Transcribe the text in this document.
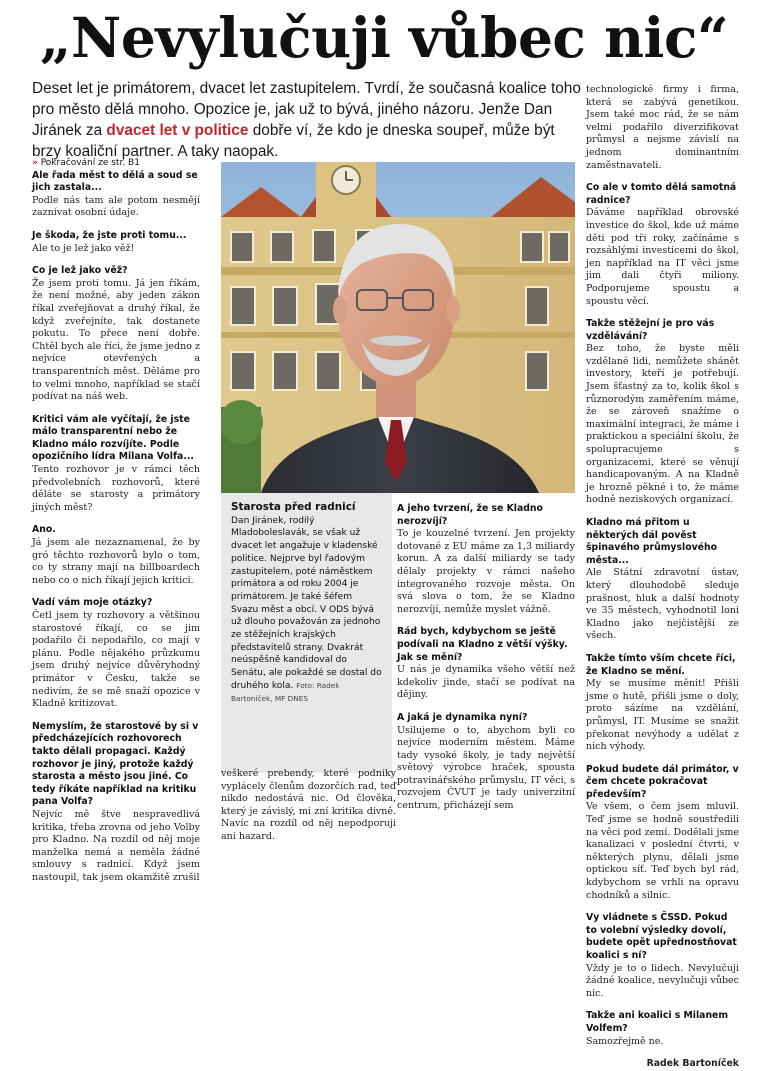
„Nevylučuji vůbec nic“
Deset let je primátorem, dvacet let zastupitelem. Tvrdí, že současná koalice toho pro město dělá mnoho. Opozice je, jak už to bývá, jiného názoru. Jenže Dan Jiránek za dvacet let v politice dobře ví, že kdo je dneska soupeř, může být brzy koaliční partner. A taky naopak.
» Pokračování ze str. B1

Ale řada měst to dělá a soud se jich zastala...

Podle nás tam ale potom nesmějí zaznívat osobní údaje.

Je škoda, že jste proti tomu...

Ale to je lež jako věž!

Co je lež jako věž?

Že jsem proti tomu. Já jen říkám, že není možné, aby jeden zákon říkal zveřejňovat a druhý říkal, že když zveřejníte, tak dostanete pokutu. To přece není dobře. Chtěl bych ale říci, že jsme jedno z nejvíce otevřených a transparentních měst. Děláme pro to velmi mnoho, například se stačí podívat na náš web.

Kritici vám ale vyčítají, že jste málo transparentní nebo že Kladno málo rozvíjíte. Podle opozičního lídra Milana Volfa...

Tento rozhovor je v rámci těch předvolebních rozhovorů, které děláte se starosty a primátory jiných měst?

Ano.

Já jsem ale nezaznamenal, že by gró těchto rozhovorů bylo o tom, co ty strany mají na billboardech nebo co o nich říkají jejich kritici.

Vadí vám moje otázky?

Četl jsem ty rozhovory a většinou starostové říkají, co se jim podařilo či nepodařilo, co mají v plánu. Podle nějakého průzkumu jsem druhý nejvíce důvěryhodný primátor v Česku, takže se nedivím, že se mě snaží opozice v Kladně kritizovat.

Nemyslím, že starostové by si v předcházejících rozhovorech takto dělali propagaci. Každý rozhovor je jiný, protože každý starosta a město jsou jiné. Co tedy říkáte například na kritiku pana Volfa?

Nejvíc mě štve nespravedlivá kritika, třeba zrovna od jeho Volby pro Kladno. Na rozdíl od něj moje manželka nemá a neměla žádné smlouvy s radnicí. Když jsem nastoupil, tak jsem okamžitě zrušil

Starosta před radnicí
Dan Jiránek, rodilý Mladoboleslavák, se však už dvacet let angažuje v kladenské politice. Nejprve byl řadovým zastupitelem, poté náměstkem primátora a od roku 2004 je primátorem. Je také šéfem Svazu měst a obcí. V ODS bývá už dlouho považován za jednoho ze stěžejních krajských představitelů strany. Dvakrát neúspěšně kandidoval do Senátu, ale pokaždé se dostal do druhého kola. Foto: Radek Bartoníček, MF DNES

A jeho tvrzení, že se Kladno nerozvíjí?

To je kouzelné tvrzení. Jen projekty dotované z EU máme za 1,3 miliardy korun. A za další miliardy se tady dělaly projekty v rámci našeho integrovaného rozvoje města. On svá slova o tom, že se Kladno nerozvíjí, nemůže myslet vážně.

Rád bych, kdybychom se ještě podívali na Kladno z větší výšky. Jak se mění?

U nás je dynamika všeho větší než kdekoliv jinde, stačí se podívat na dějiny.

A jaká je dynamika nyní?

Usilujeme o to, abychom byli co nejvíce moderním městem. Máme tady vysoké školy, je tady největší světový výrobce hraček, spousta potravinářského průmyslu, IT věci, s rozvojem ČVUT je tady univerzitní centrum, přicházejí sem

technologické firmy i firma, která se zabývá genetikou. Jsem také moc rád, že se nám velmi podařilo diverzifikovat průmysl a nejsme závislí na jednom dominantním zaměstnavateli.

Co ale v tomto dělá samotná radnice?

Dáváme například obrovské investice do škol, kde už máme děti pod tři roky, začínáme s rozsáhlými investicemi do škol, jen například na IT věci jsme jim dali čtyři miliony. Podporujeme spoustu a spoustu věcí.

Takže stěžejní je pro vás vzdělávání?

Bez toho, že byste měli vzdělané lidi, nemůžete shánět investory, kteří je potřebují. Jsem šťastný za to, kolik škol s různorodým zaměřením máme, že se zároveň snažíme o maximální integraci, že máme i praktickou a speciální školu, že spolupracujeme s organizacemi, které se věnují handicapovaným. A na Kladně je hrozně pěkné i to, že máme hodně neziskových organizací.

Kladno má přitom u některých dál pověst špinavého průmyslového města...

Ale Státní zdravotní ústav, který dlouhodobě sleduje prašnost, hluk a další hodnoty ve 35 městech, vyhodnotil loni Kladno jako nejčistější ze všech.

Takže tímto vším chcete říci, že Kladno se mění.

My se musíme měnit! Přišli jsme o hutě, přišli jsme o doly, proto sázíme na vzdělání, průmysl, IT. Musíme se snažit překonat nevýhody a udělat z nich výhody.

Pokud budete dál primátor, v čem chcete pokračovat především?

Ve všem, o čem jsem mluvil. Teď jsme se hodně soustředili na věci pod zemí. Dodělali jsme kanalizaci v poslední čtvrti, v některých plynu, dělali jsme optickou síť. Teď bych byl rád, kdybychom se vrhli na opravu chodníků a silnic.

Vy vládnete s ČSSD. Pokud to volební výsledky dovolí, budete opět upřednostňovat koalici s ní?

Vždy je to o lidech. Nevylučuji žádné koalice, nevylučuji vůbec nic.

Takže ani koalici s Milanem Volfem?

Samozřejmě ne.

Radek Bartoníček
veškeré prebendy, které podniky vyplácely členům dozorčích rad, teď nikdo nedostává nic. Od člověka, který je závislý, mi zní kritika divně. Navíc na rozdíl od něj nepodporuji ani hazard.
